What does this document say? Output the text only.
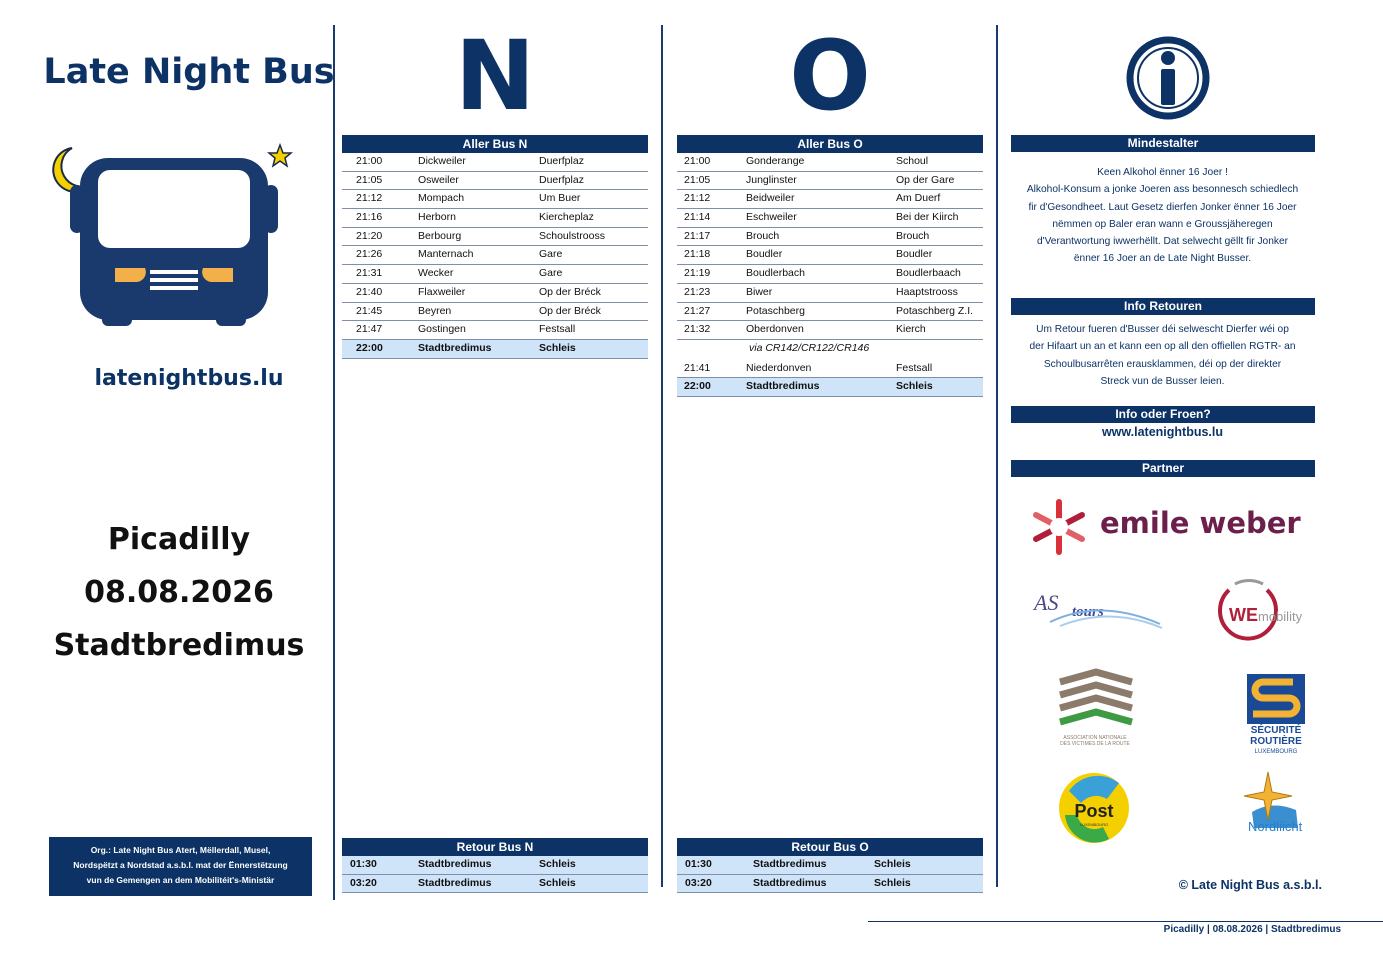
Late Night Bus
latenightbus.lu
Picadilly
08.08.2026
Stadtbredimus
Org.: Late Night Bus Atert, Mëllerdall, Musel,
Nordspëtzt a Nordstad a.s.b.l. mat der Ënnerstëtzung
vun de Gemengen an dem Mobilitéit's-Ministär
N	O
Aller Bus N
21:00	Dickweiler	Duerfplaz
21:05	Osweiler	Duerfplaz
21:12	Mompach	Um Buer
21:16	Herborn	Kiercheplaz
21:20	Berbourg	Schoulstrooss
21:26	Manternach	Gare
21:31	Wecker	Gare
21:40	Flaxweiler	Op der Bréck
21:45	Beyren	Op der Bréck
21:47	Gostingen	Festsall
22:00	Stadtbredimus	Schleis
Aller Bus O
21:00	Gonderange	Schoul
21:05	Junglinster	Op der Gare
21:12	Beidweiler	Am Duerf
21:14	Eschweiler	Bei der Kiirch
21:17	Brouch	Brouch
21:18	Boudler	Boudler
21:19	Boudlerbach	Boudlerbaach
21:23	Biwer	Haaptstrooss
21:27	Potaschberg	Potaschberg Z.I.
21:32	Oberdonven	Kierch
via CR142/CR122/CR146
21:41	Niederdonven	Festsall
22:00	Stadtbredimus	Schleis
Retour Bus N
01:30	Stadtbredimus	Schleis
03:20	Stadtbredimus	Schleis
Retour Bus O
01:30	Stadtbredimus	Schleis
03:20	Stadtbredimus	Schleis
Mindestalter
Keen Alkohol ënner 16 Joer !
Alkohol-Konsum a jonke Joeren ass besonnesch schiedlech
fir d'Gesondheet. Laut Gesetz dierfen Jonker ënner 16 Joer
nëmmen op Baler eran wann e Groussjäheregen
d'Verantwortung iwwerhëllt. Dat selwecht gëllt fir Jonker
ënner 16 Joer an de Late Night Busser.
Info Retouren
Um Retour fueren d'Busser déi selwescht Dierfer wéi op
der Hifaart un an et kann een op all den offiellen RGTR- an
Schoulbusarrêten erausklammen, déi op der direkter
Streck vun de Busser leien.
Info oder Froen?
www.latenightbus.lu
Partner
emile weber
AS tours	WEmobility
ASSOCIATION NATIONALE
DES VICTIMES DE LA ROUTE
SÉCURITÉ
ROUTIÈRE
LUXEMBOURG
Post
LUXEMBOURG	Nordliicht
© Late Night Bus a.s.b.l.
Picadilly | 08.08.2026 | Stadtbredimus
